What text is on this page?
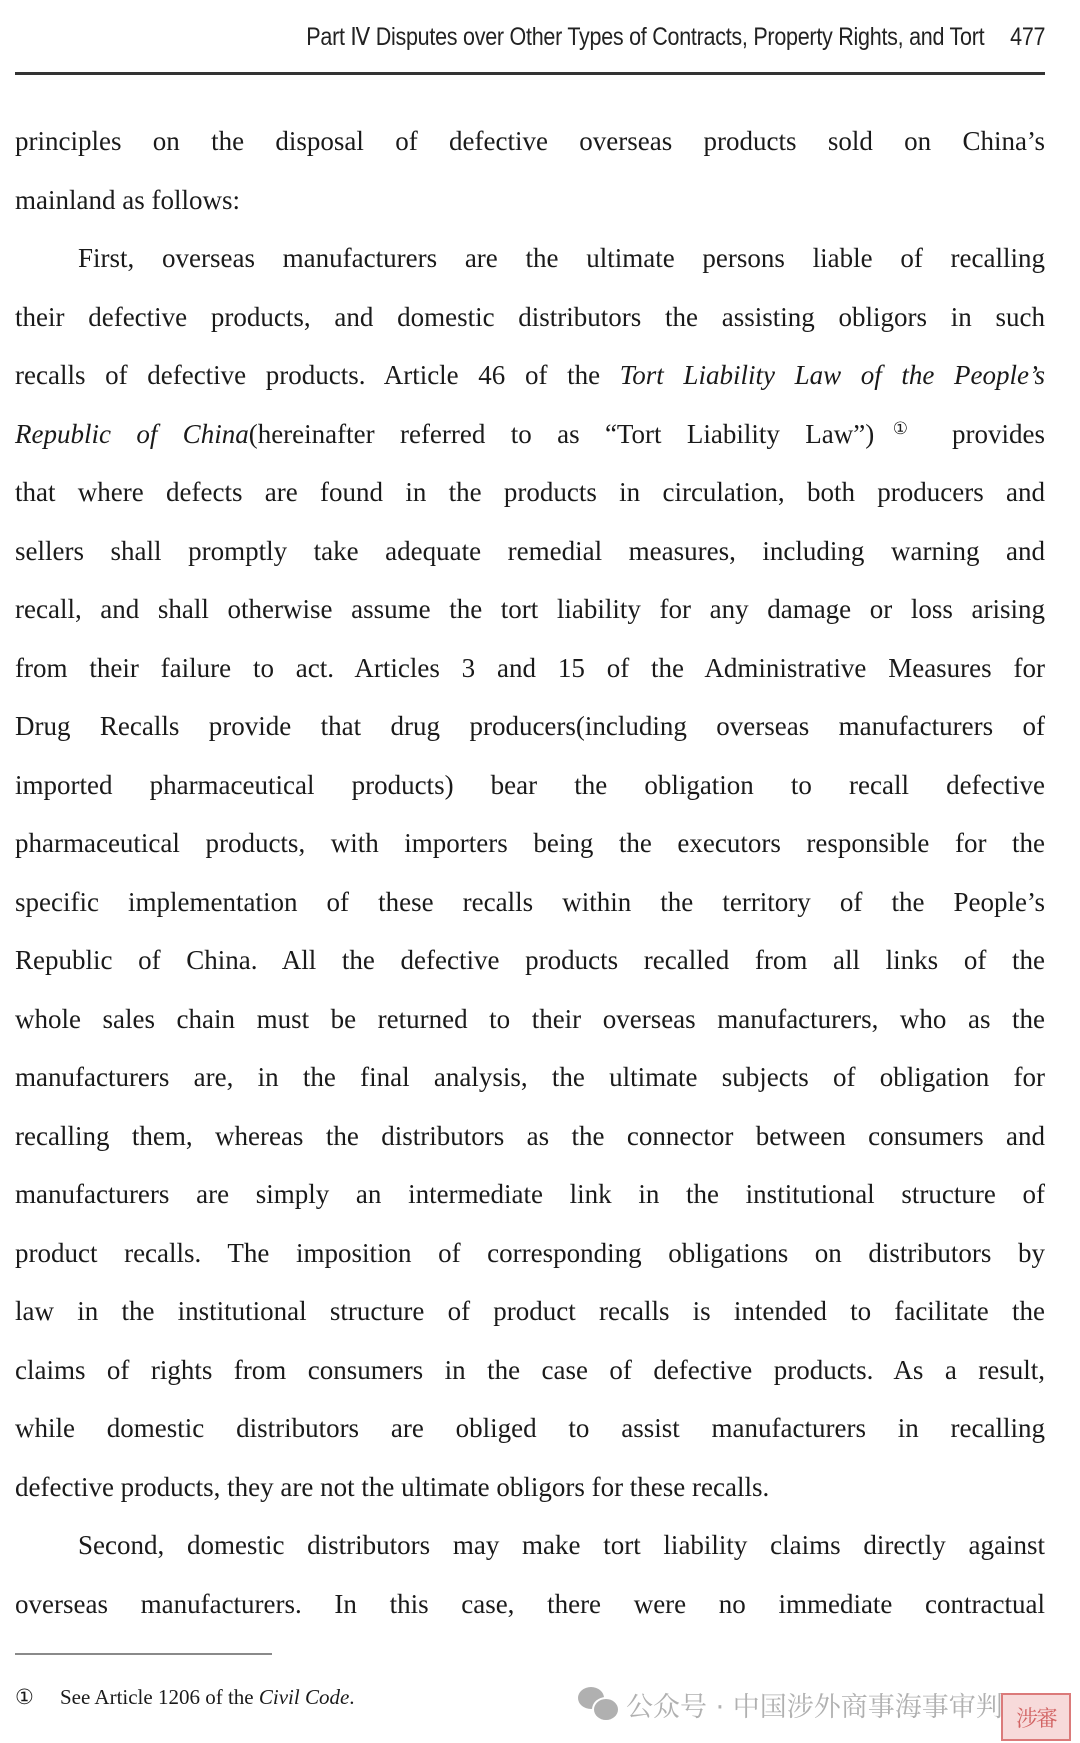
Part Ⅳ Disputes over Other Types of Contracts, Property Rights, and Tort 477
principles on the disposal of defective overseas products sold on China’s
mainland as follows:
First, overseas manufacturers are the ultimate persons liable of recalling
their defective products, and domestic distributors the assisting obligors in such
recalls of defective products. Article 46 of the Tort Liability Law of the People’s
Republic of China(hereinafter referred to as “Tort Liability Law”)① provides
that where defects are found in the products in circulation, both producers and
sellers shall promptly take adequate remedial measures, including warning and
recall, and shall otherwise assume the tort liability for any damage or loss arising
from their failure to act. Articles 3 and 15 of the Administrative Measures for
Drug Recalls provide that drug producers(including overseas manufacturers of
imported pharmaceutical products) bear the obligation to recall defective
pharmaceutical products, with importers being the executors responsible for the
specific implementation of these recalls within the territory of the People’s
Republic of China. All the defective products recalled from all links of the
whole sales chain must be returned to their overseas manufacturers, who as the
manufacturers are, in the final analysis, the ultimate subjects of obligation for
recalling them, whereas the distributors as the connector between consumers and
manufacturers are simply an intermediate link in the institutional structure of
product recalls. The imposition of corresponding obligations on distributors by
law in the institutional structure of product recalls is intended to facilitate the
claims of rights from consumers in the case of defective products. As a result,
while domestic distributors are obliged to assist manufacturers in recalling
defective products, they are not the ultimate obligors for these recalls.
Second, domestic distributors may make tort liability claims directly against
overseas manufacturers. In this case, there were no immediate contractual
① See Article 1206 of the Civil Code.	公众号 · 中国涉外商事海事审判 涉審
